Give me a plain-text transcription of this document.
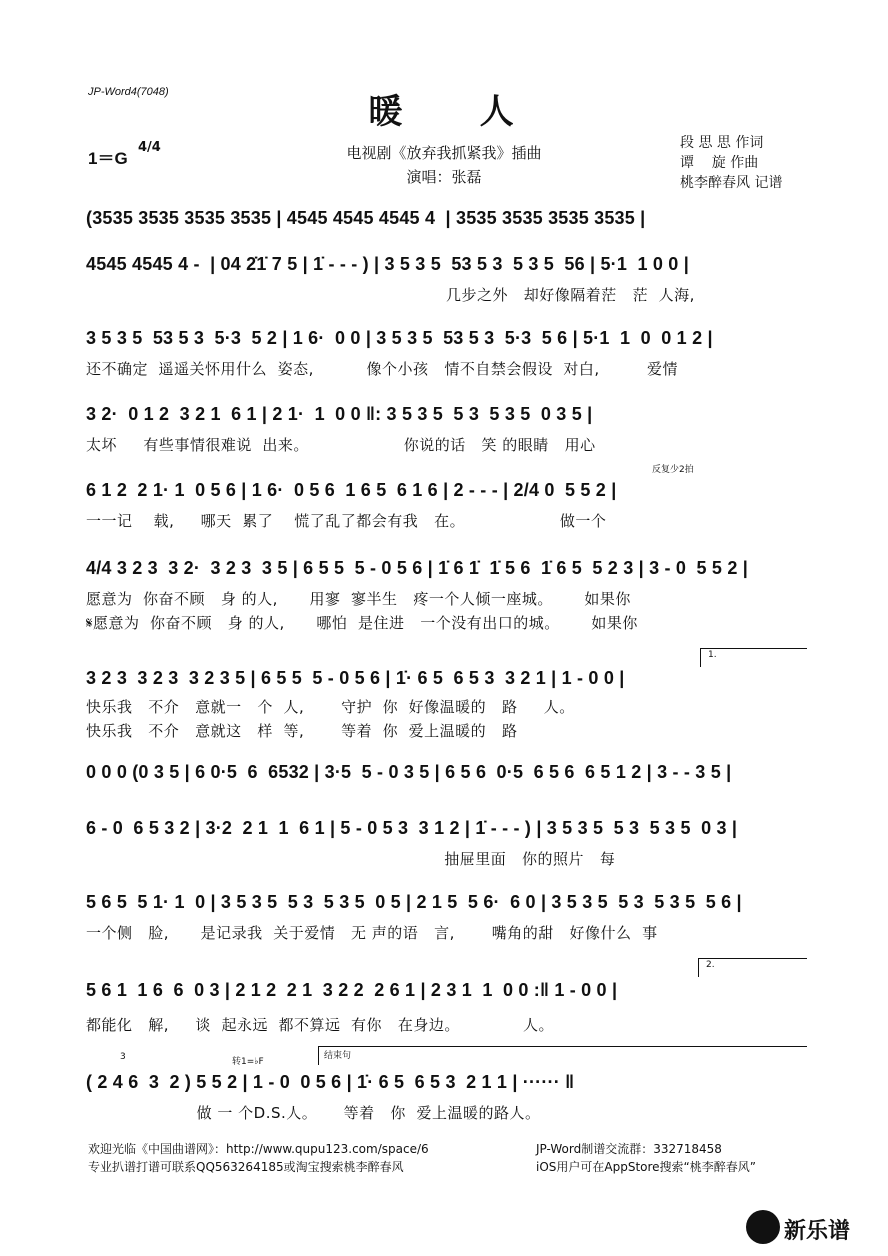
JP-Word4(7048)	暖    人
1＝G
4/4	电视剧《放弃我抓紧我》插曲
演唱：张磊
段 思 思 作词
谭    旋 作曲
桃李醉春风 记谱
(3535 3535 3535 3535 | 4545 4545 4545 4  | 3535 3535 3535 3535 |
4545 4545 4 -  | 04 2̇1̇ 7 5 | 1̇ - - - ) | 3 5 3 5  53 5 3  5 3 5  56 | 5·1  1 0 0 |
几步之外   却好像隔着茫   茫  人海,
3 5 3 5  53 5 3  5·3  5 2 | 1 6·  0 0 | 3 5 3 5  53 5 3  5·3  5 6 | 5·1  1  0  0 1 2 |
还不确定  遥遥关怀用什么  姿态,          像个小孩   情不自禁会假设  对白,         爱情
3 2·  0 1 2  3 2 1  6 1 | 2 1·  1  0 0 ‖: 3 5 3 5  5 3  5 3 5  0 3 5 |
太坏     有些事情很难说  出来。                  你说的话   笑 的眼睛   用心
反复少2拍
6 1 2  2 1· 1  0 5 6 | 1 6·  0 5 6  1 6 5  6 1 6 | 2 - - - | 2/4 0  5 5 2 |
一一记    载,     哪天  累了    慌了乱了都会有我   在。                  做一个
4/4 3 2 3  3 2·  3 2 3  3 5 | 6 5 5  5 - 0 5 6 | 1̇ 6 1̇  1̇ 5 6  1̇ 6 5  5 2 3 | 3 - 0  5 5 2 |
愿意为  你奋不顾   身 的人,      用寥  寥半生   疼一个人倾一座城。      如果你
𝄋愿意为  你奋不顾   身 的人,      哪怕  是住进   一个没有出口的城。      如果你
1.
3 2 3  3 2 3  3 2 3 5 | 6 5 5  5 - 0 5 6 | 1̇· 6 5  6 5 3  3 2 1 | 1 - 0 0 |
快乐我   不介   意就一   个  人,       守护  你  好像温暖的   路     人。
快乐我   不介   意就这   样  等,       等着  你  爱上温暖的   路
0 0 0 (0 3 5 | 6 0·5  6  6532 | 3·5  5 - 0 3 5 | 6 5 6  0·5  6 5 6  6 5 1 2 | 3 - - 3 5 |
6 - 0  6 5 3 2 | 3·2  2 1  1  6 1 | 5 - 0 5 3  3 1 2 | 1̇ - - - ) | 3 5 3 5  5 3  5 3 5  0 3 |
抽屉里面   你的照片   每
5 6 5  5 1· 1  0 | 3 5 3 5  5 3  5 3 5  0 5 | 2 1 5  5 6·  6 0 | 3 5 3 5  5 3  5 3 5  5 6 |
一个侧   脸,      是记录我  关于爱情   无 声的语   言,       嘴角的甜   好像什么  事
2.
5 6 1  1 6  6  0 3 | 2 1 2  2 1  3 2 2  2 6 1 | 2 3 1  1  0 0 :‖ 1 - 0 0 |
都能化   解,     谈  起永远  都不算远  有你   在身边。            人。
结束句
3	转1=♭F
( 2 4 6  3  2 ) 5 5 2 | 1 - 0  0 5 6 | 1̇· 6 5  6 5 3  2 1 1 | ······ ‖
做 一 个D.S.人。     等着   你  爱上温暖的路人。
欢迎光临《中国曲谱网》：http://www.qupu123.com/space/6
专业扒谱打谱可联系QQ563264185或淘宝搜索桃李醉春风
JP-Word制谱交流群：332718458
iOS用户可在AppStore搜索“桃李醉春风”
新乐谱
